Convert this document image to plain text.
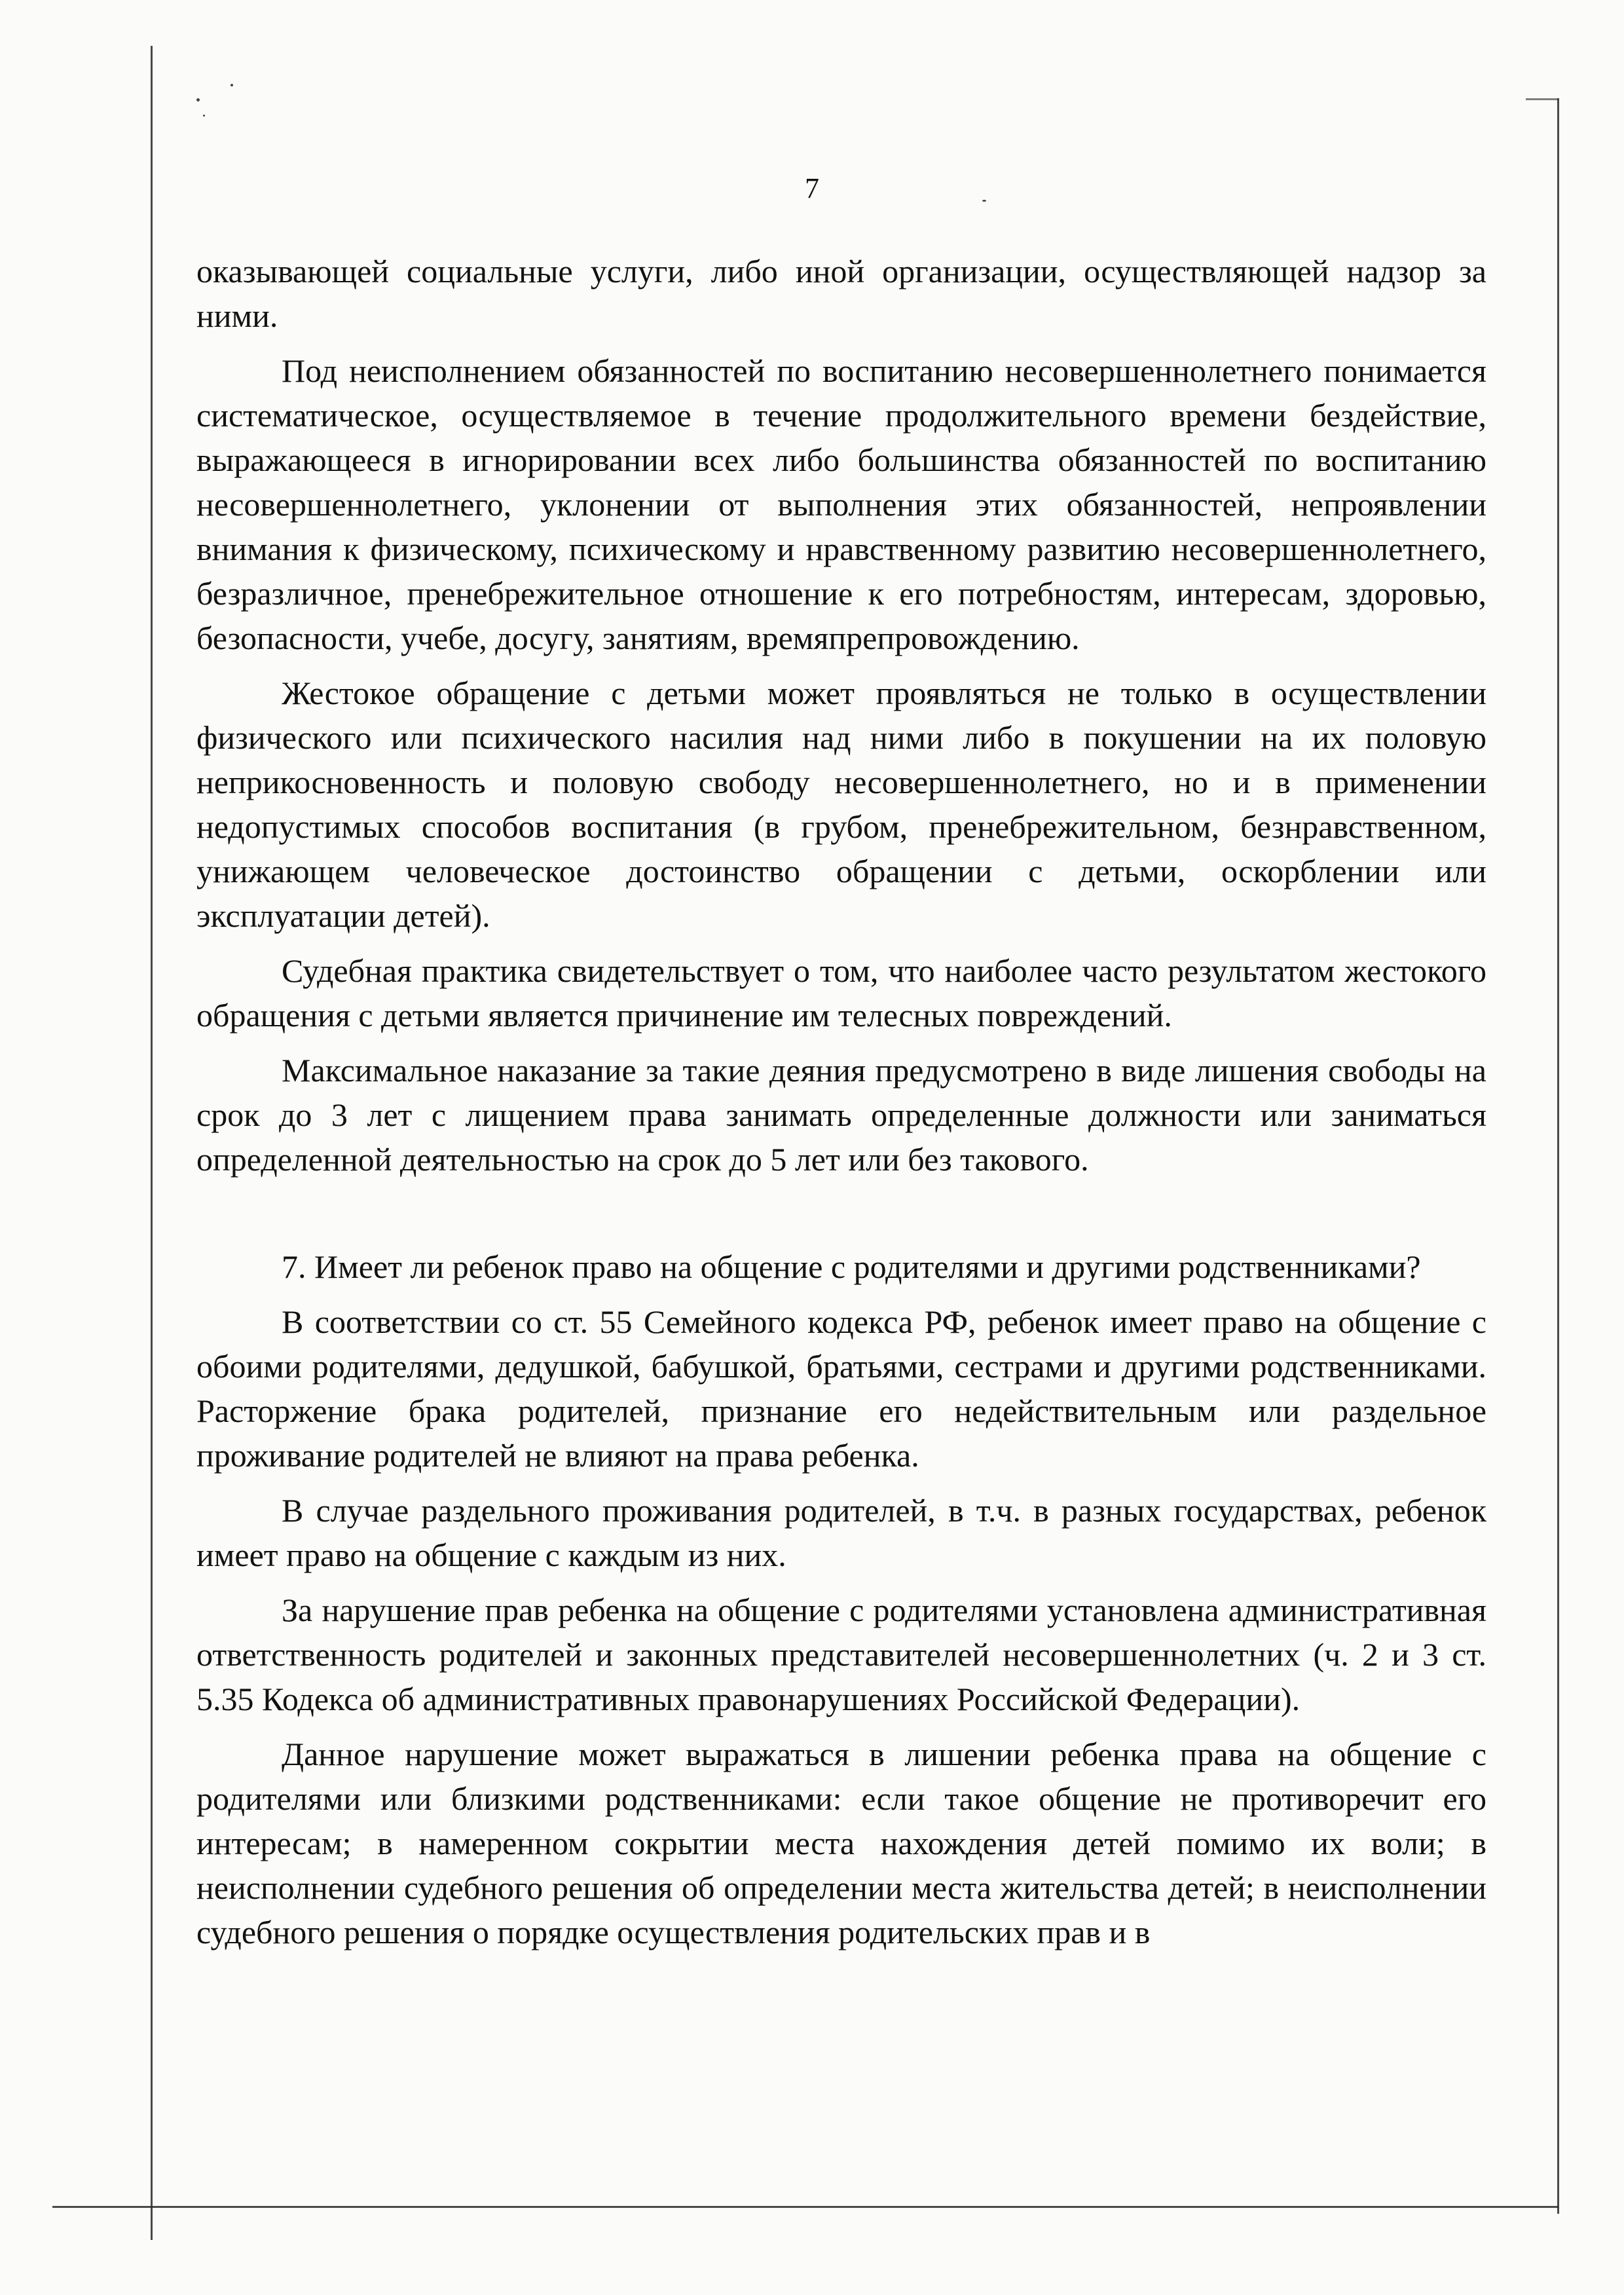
7

оказывающей социальные услуги, либо иной организации, осуществляющей надзор за ними.

Под неисполнением обязанностей по воспитанию несовершеннолетнего понимается систематическое, осуществляемое в течение продолжительного времени бездействие, выражающееся в игнорировании всех либо большинства обязанностей по воспитанию несовершеннолетнего, уклонении от выполнения этих обязанностей, непроявлении внимания к физическому, психическому и нравственному развитию несовершеннолетнего, безразличное, пренебрежительное отношение к его потребностям, интересам, здоровью, безопасности, учебе, досугу, занятиям, времяпрепровождению.

Жестокое обращение с детьми может проявляться не только в осуществлении физического или психического насилия над ними либо в покушении на их половую неприкосновенность и половую свободу несовершеннолетнего, но и в применении недопустимых способов воспитания (в грубом, пренебрежительном, безнравственном, унижающем человеческое достоинство обращении с детьми, оскорблении или эксплуатации детей).

Судебная практика свидетельствует о том, что наиболее часто результатом жестокого обращения с детьми является причинение им телесных повреждений.

Максимальное наказание за такие деяния предусмотрено в виде лишения свободы на срок до 3 лет с лищением права занимать определенные должности или заниматься определенной деятельностью на срок до 5 лет или без такового.

7. Имеет ли ребенок право на общение с родителями и другими родственниками?

В соответствии со ст. 55 Семейного кодекса РФ, ребенок имеет право на общение с обоими родителями, дедушкой, бабушкой, братьями, сестрами и другими родственниками. Расторжение брака родителей, признание его недействительным или раздельное проживание родителей не влияют на права ребенка.

В случае раздельного проживания родителей, в т.ч. в разных государствах, ребенок имеет право на общение с каждым из них.

За нарушение прав ребенка на общение с родителями установлена административная ответственность родителей и законных представителей несовершеннолетних (ч. 2 и 3 ст. 5.35 Кодекса об административных правонарушениях Российской Федерации).

Данное нарушение может выражаться в лишении ребенка права на общение с родителями или близкими родственниками: если такое общение не противоречит его интересам; в намеренном сокрытии места нахождения детей помимо их воли; в неисполнении судебного решения об определении места жительства детей; в неисполнении судебного решения о порядке осуществления родительских прав и в
